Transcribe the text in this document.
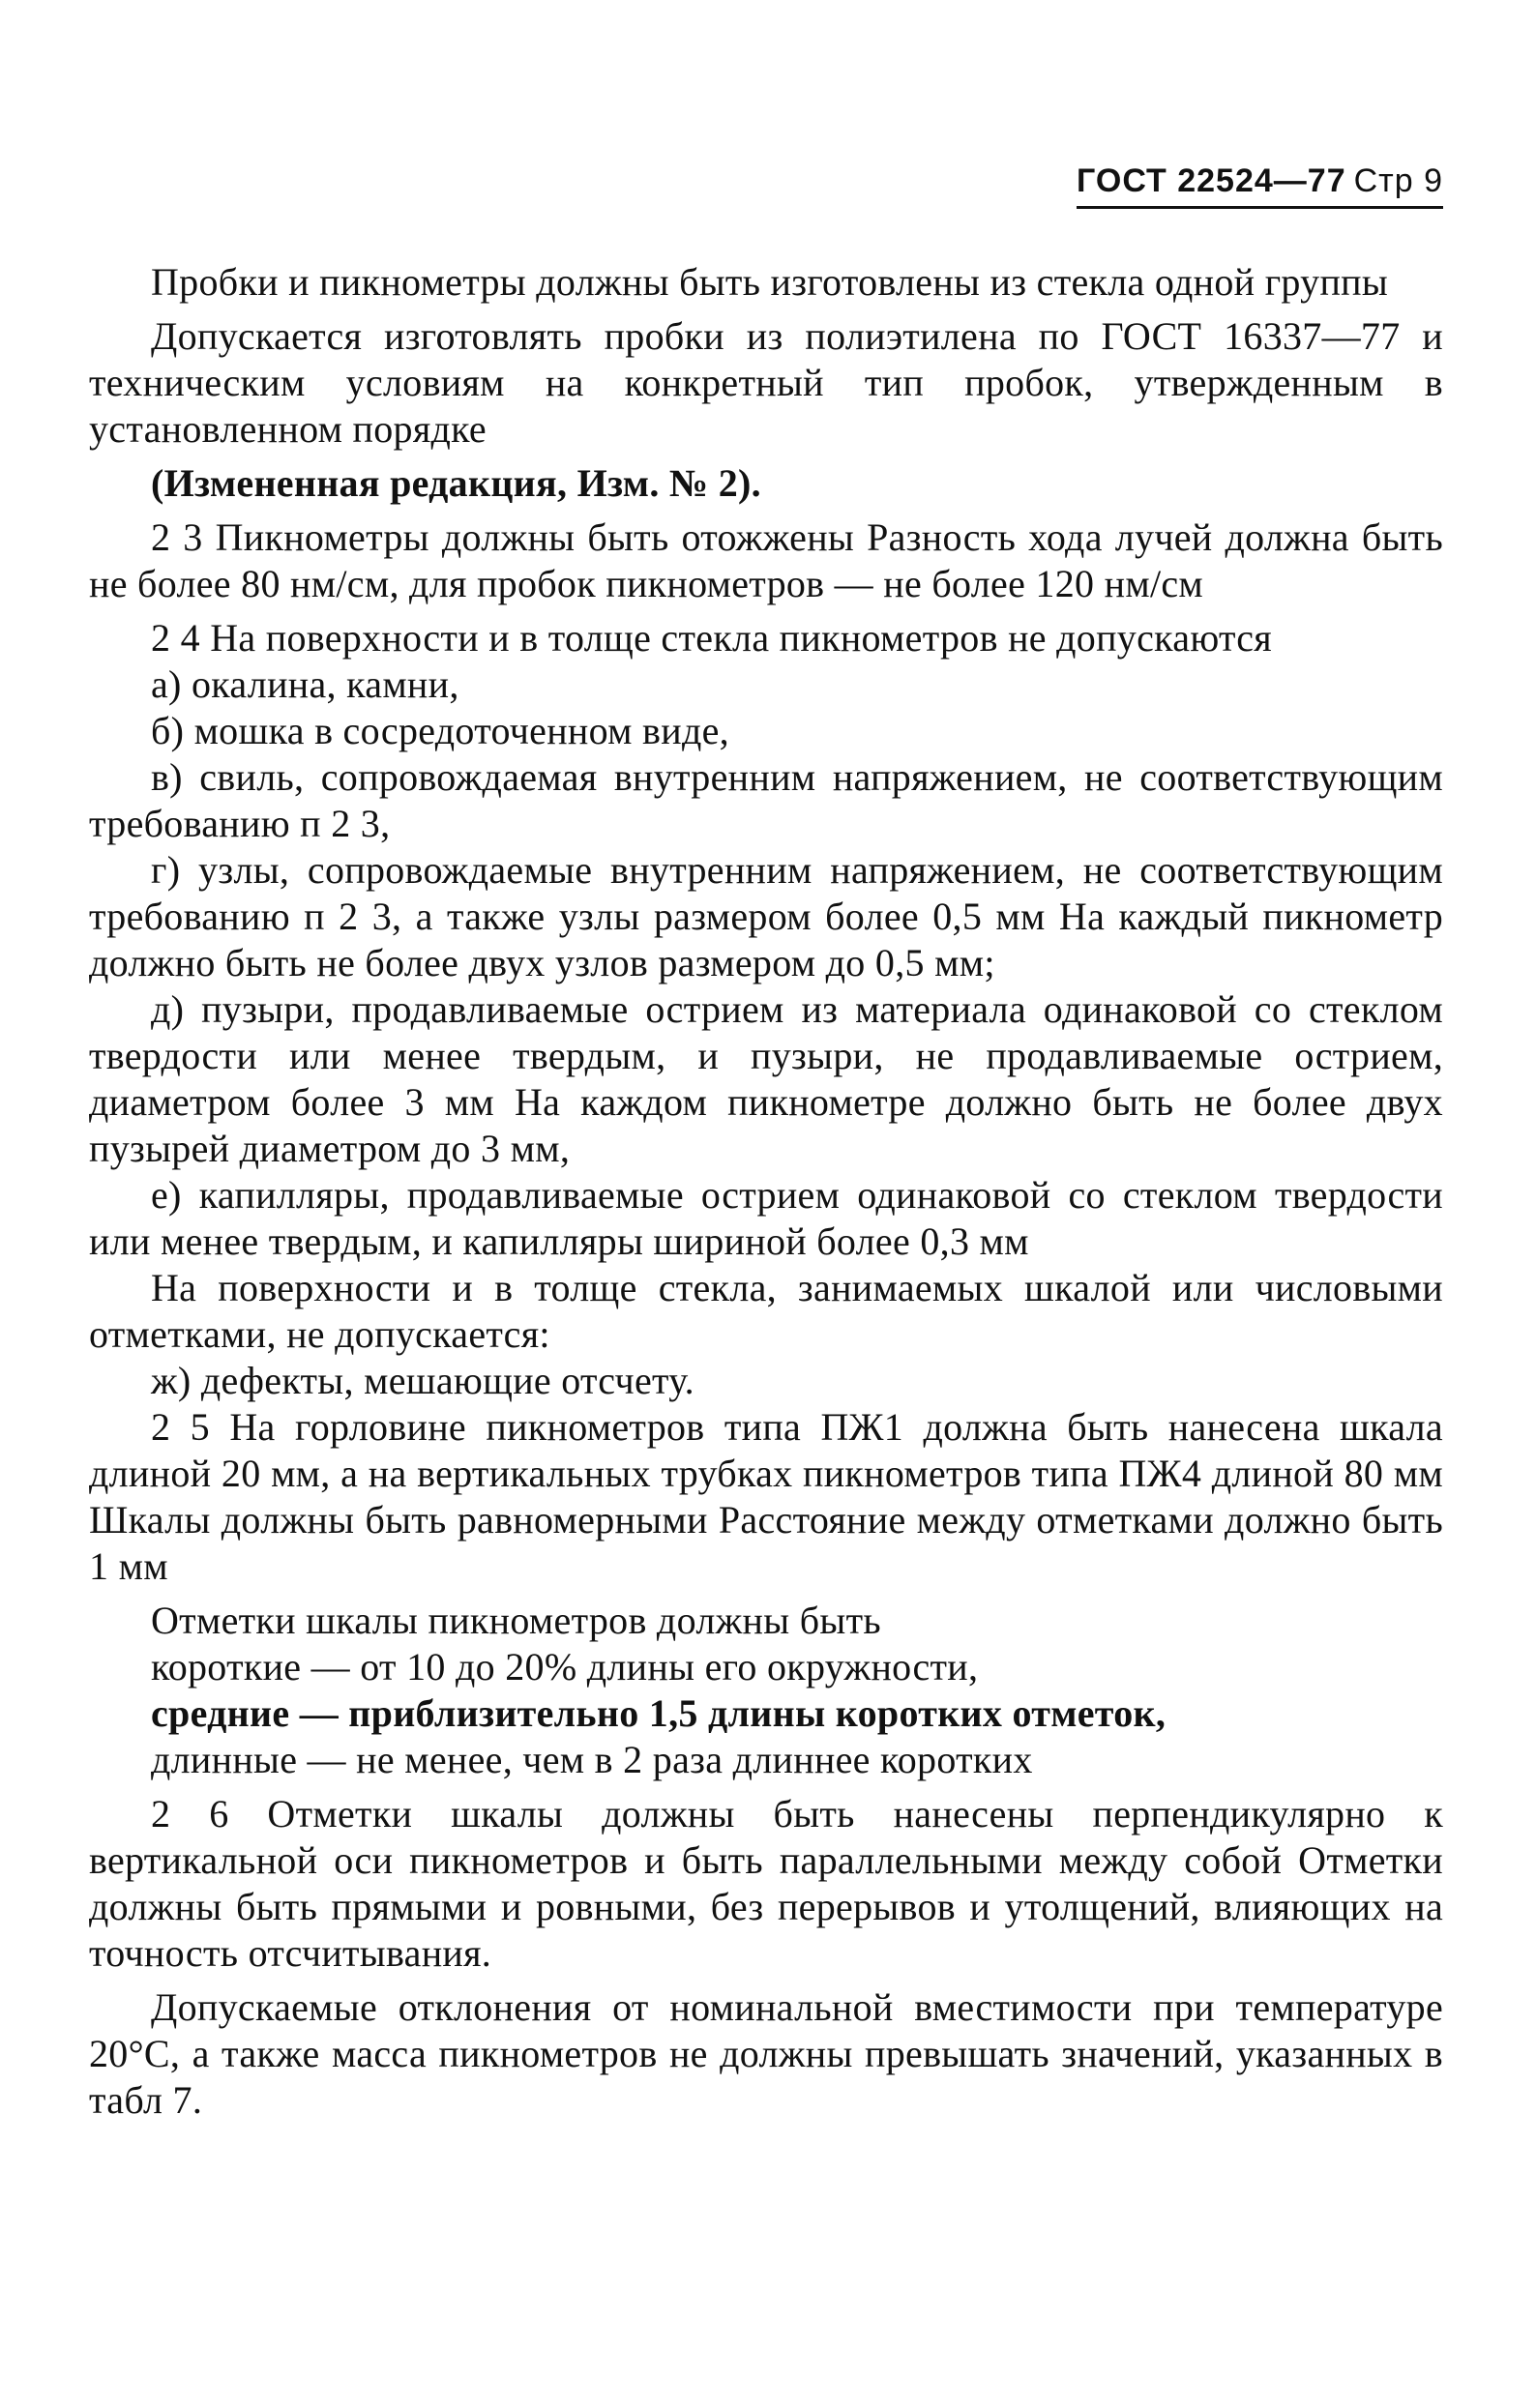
ГОСТ 22524—77 Стр 9

Пробки и пикнометры должны быть изготовлены из стекла одной группы

Допускается изготовлять пробки из полиэтилена по ГОСТ 16337—77 и техническим условиям на конкретный тип пробок, утвержденным в установленном порядке

(Измененная редакция, Изм. № 2).

2 3 Пикнометры должны быть отожжены Разность хода лучей должна быть не более 80 нм/см, для пробок пикнометров — не более 120 нм/см

2 4 На поверхности и в толще стекла пикнометров не допускаются

а) окалина, камни,

б) мошка в сосредоточенном виде,

в) свиль, сопровождаемая внутренним напряжением, не соответствующим требованию п 2 3,

г) узлы, сопровождаемые внутренним напряжением, не соответствующим требованию п 2 3, а также узлы размером более 0,5 мм На каждый пикнометр должно быть не более двух узлов размером до 0,5 мм;

д) пузыри, продавливаемые острием из материала одинаковой со стеклом твердости или менее твердым, и пузыри, не продавливаемые острием, диаметром более 3 мм На каждом пикнометре должно быть не более двух пузырей диаметром до 3 мм,

е) капилляры, продавливаемые острием одинаковой со стеклом твердости или менее твердым, и капилляры шириной более 0,3 мм

На поверхности и в толще стекла, занимаемых шкалой или числовыми отметками, не допускается:

ж) дефекты, мешающие отсчету.

2 5 На горловине пикнометров типа ПЖ1 должна быть нанесена шкала длиной 20 мм, а на вертикальных трубках пикнометров типа ПЖ4 длиной 80 мм Шкалы должны быть равномерными Расстояние между отметками должно быть 1 мм

Отметки шкалы пикнометров должны быть

короткие — от 10 до 20% длины его окружности,

средние — приблизительно 1,5 длины коротких отметок,

длинные — не менее, чем в 2 раза длиннее коротких

2 6 Отметки шкалы должны быть нанесены перпендикулярно к вертикальной оси пикнометров и быть параллельными между собой Отметки должны быть прямыми и ровными, без перерывов и утолщений, влияющих на точность отсчитывания.

Допускаемые отклонения от номинальной вместимости при температуре 20°С, а также масса пикнометров не должны превышать значений, указанных в табл 7.
